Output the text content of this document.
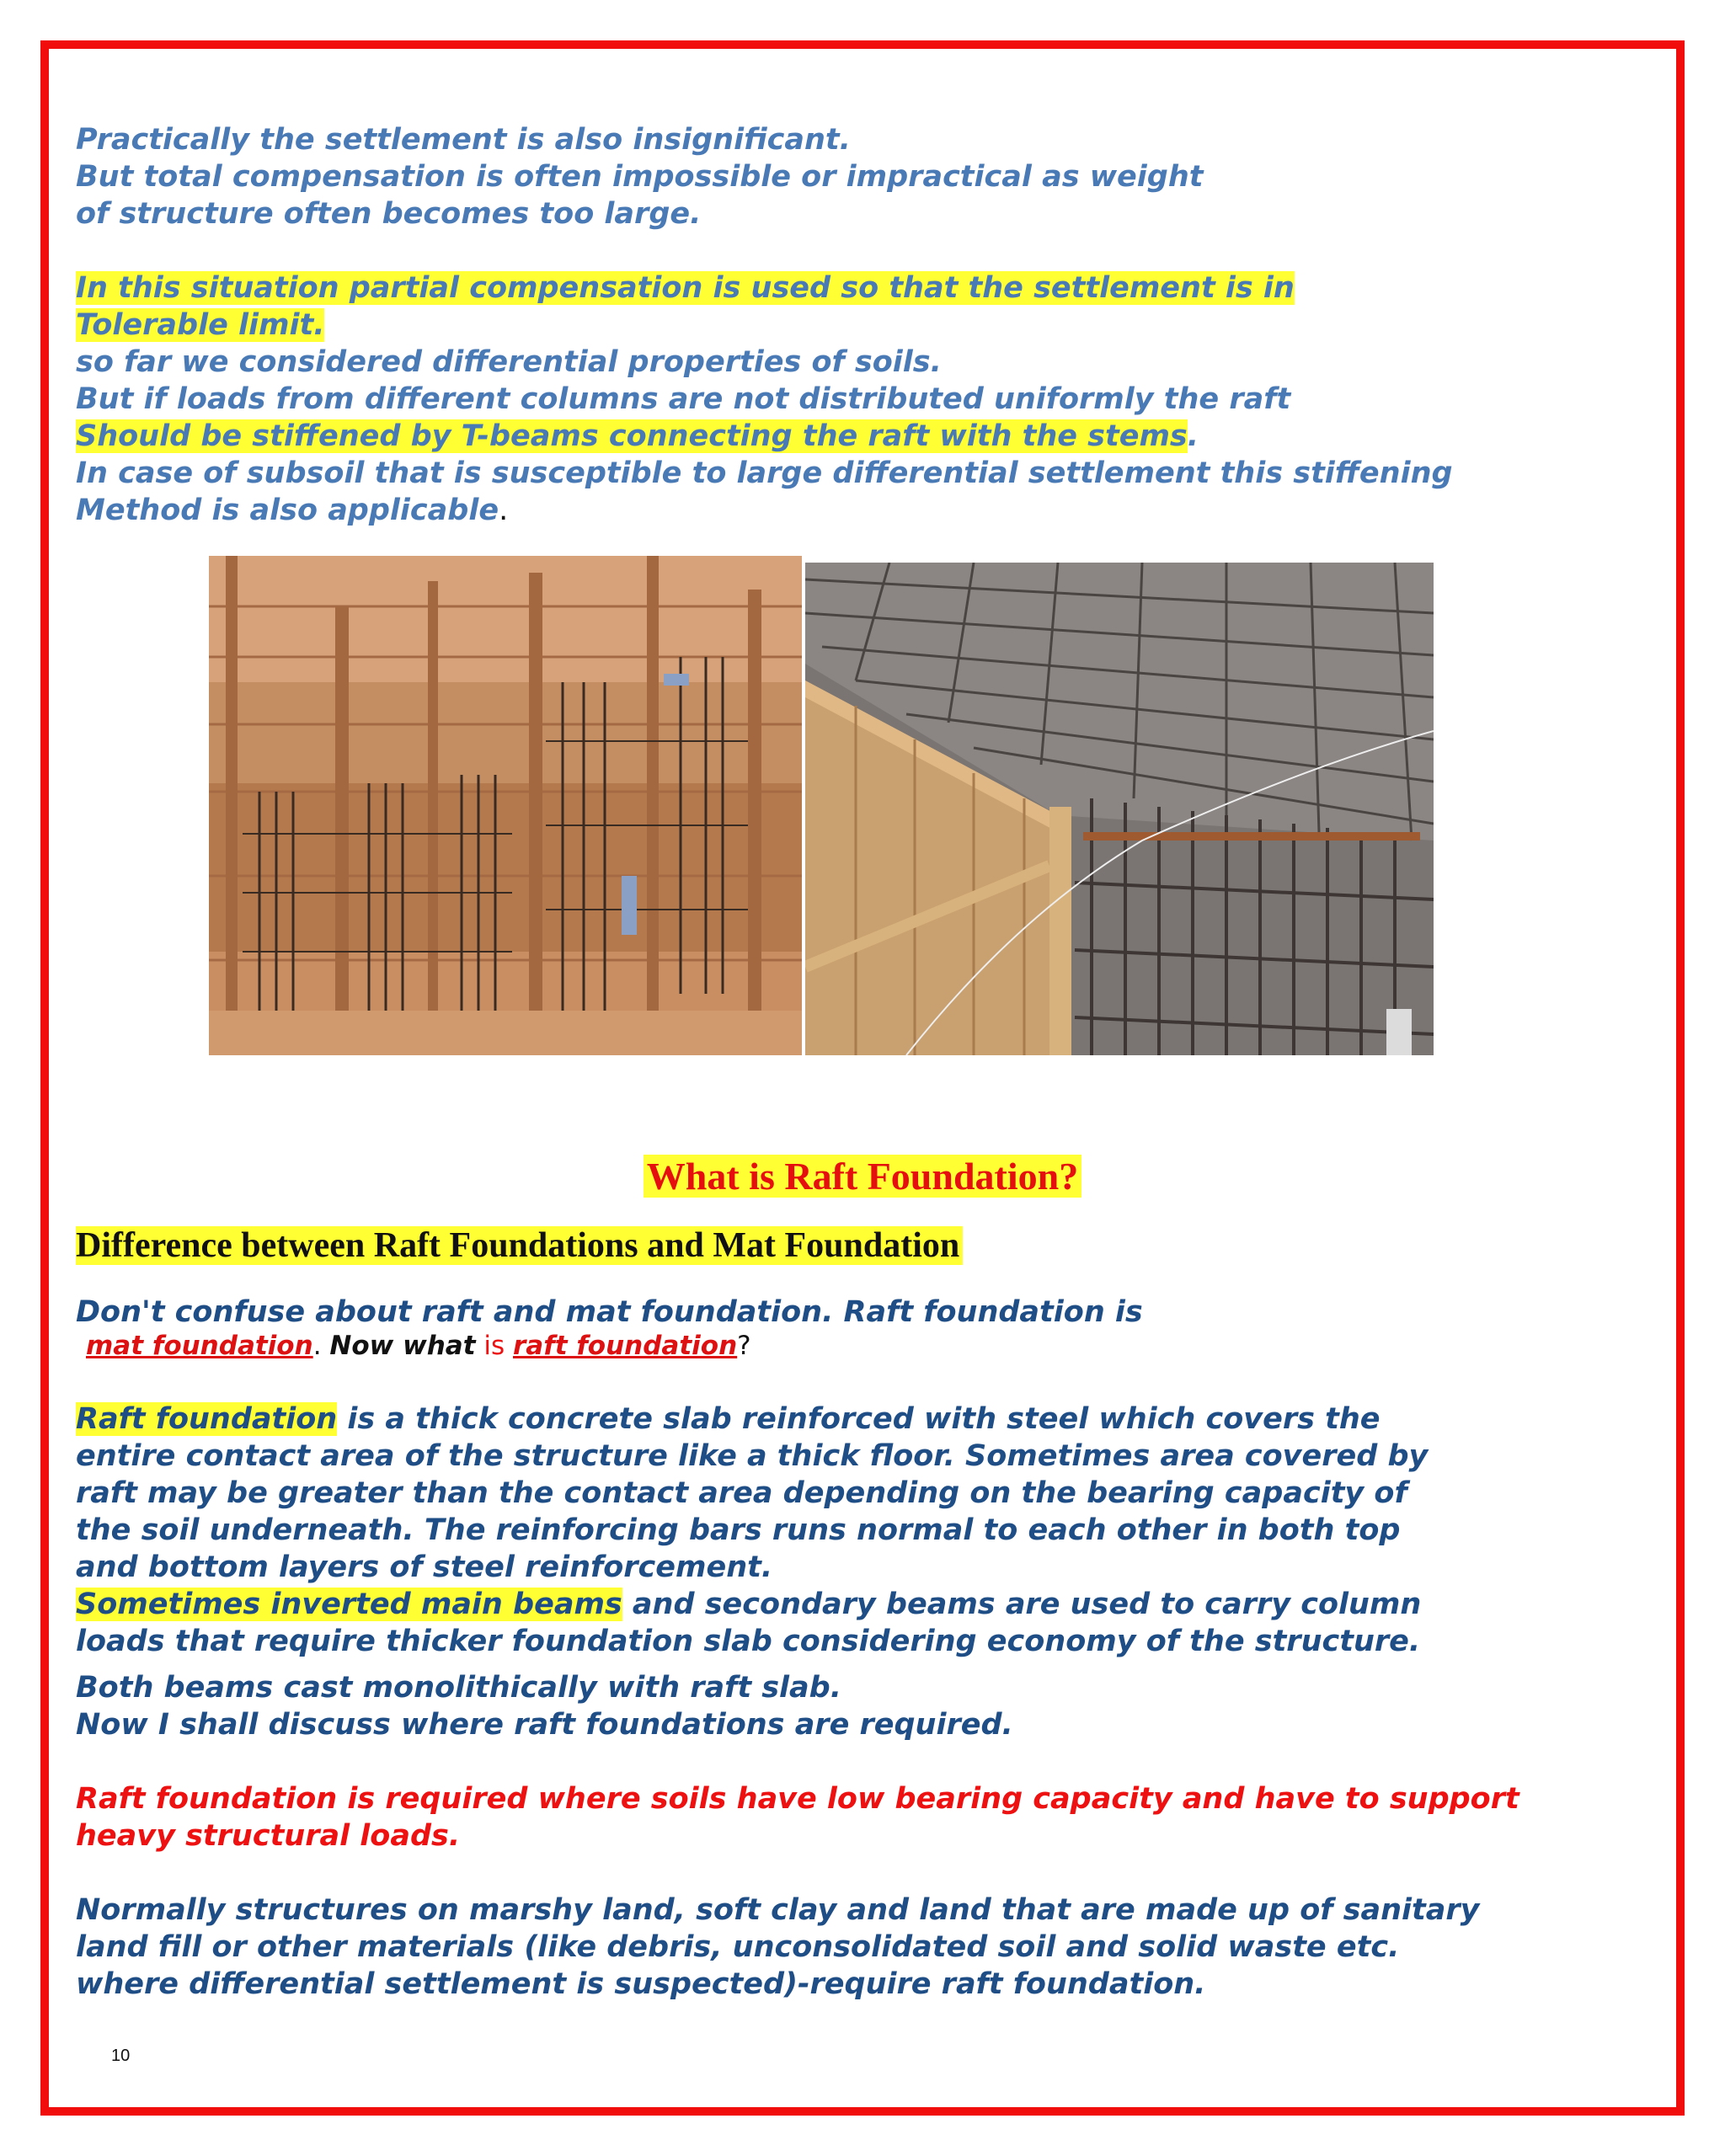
Practically the settlement is also insignificant.
But total compensation is often impossible or impractical as weight
of structure often becomes too large.
In this situation partial compensation is used so that the settlement is in
Tolerable limit.
so far we considered differential properties of soils.
But if loads from different columns are not distributed uniformly the raft
Should be stiffened by T-beams connecting the raft with the stems.
In case of subsoil that is susceptible to large differential settlement this stiffening
Method is also applicable.
What is Raft Foundation?
Difference between Raft Foundations and Mat Foundation
Don't confuse about raft and mat foundation. Raft foundation is
mat foundation. Now what is raft foundation?
Raft foundation is a thick concrete slab reinforced with steel which covers the
entire contact area of the structure like a thick floor. Sometimes area covered by
raft may be greater than the contact area depending on the bearing capacity of
the soil underneath. The reinforcing bars runs normal to each other in both top
and bottom layers of steel reinforcement.
Sometimes inverted main beams and secondary beams are used to carry column
loads that require thicker foundation slab considering economy of the structure.
Both beams cast monolithically with raft slab.
Now I shall discuss where raft foundations are required.
Raft foundation is required where soils have low bearing capacity and have to support
heavy structural loads.
Normally structures on marshy land, soft clay and land that are made up of sanitary
land fill or other materials (like debris, unconsolidated soil and solid waste etc.
where differential settlement is suspected)-require raft foundation.
10
